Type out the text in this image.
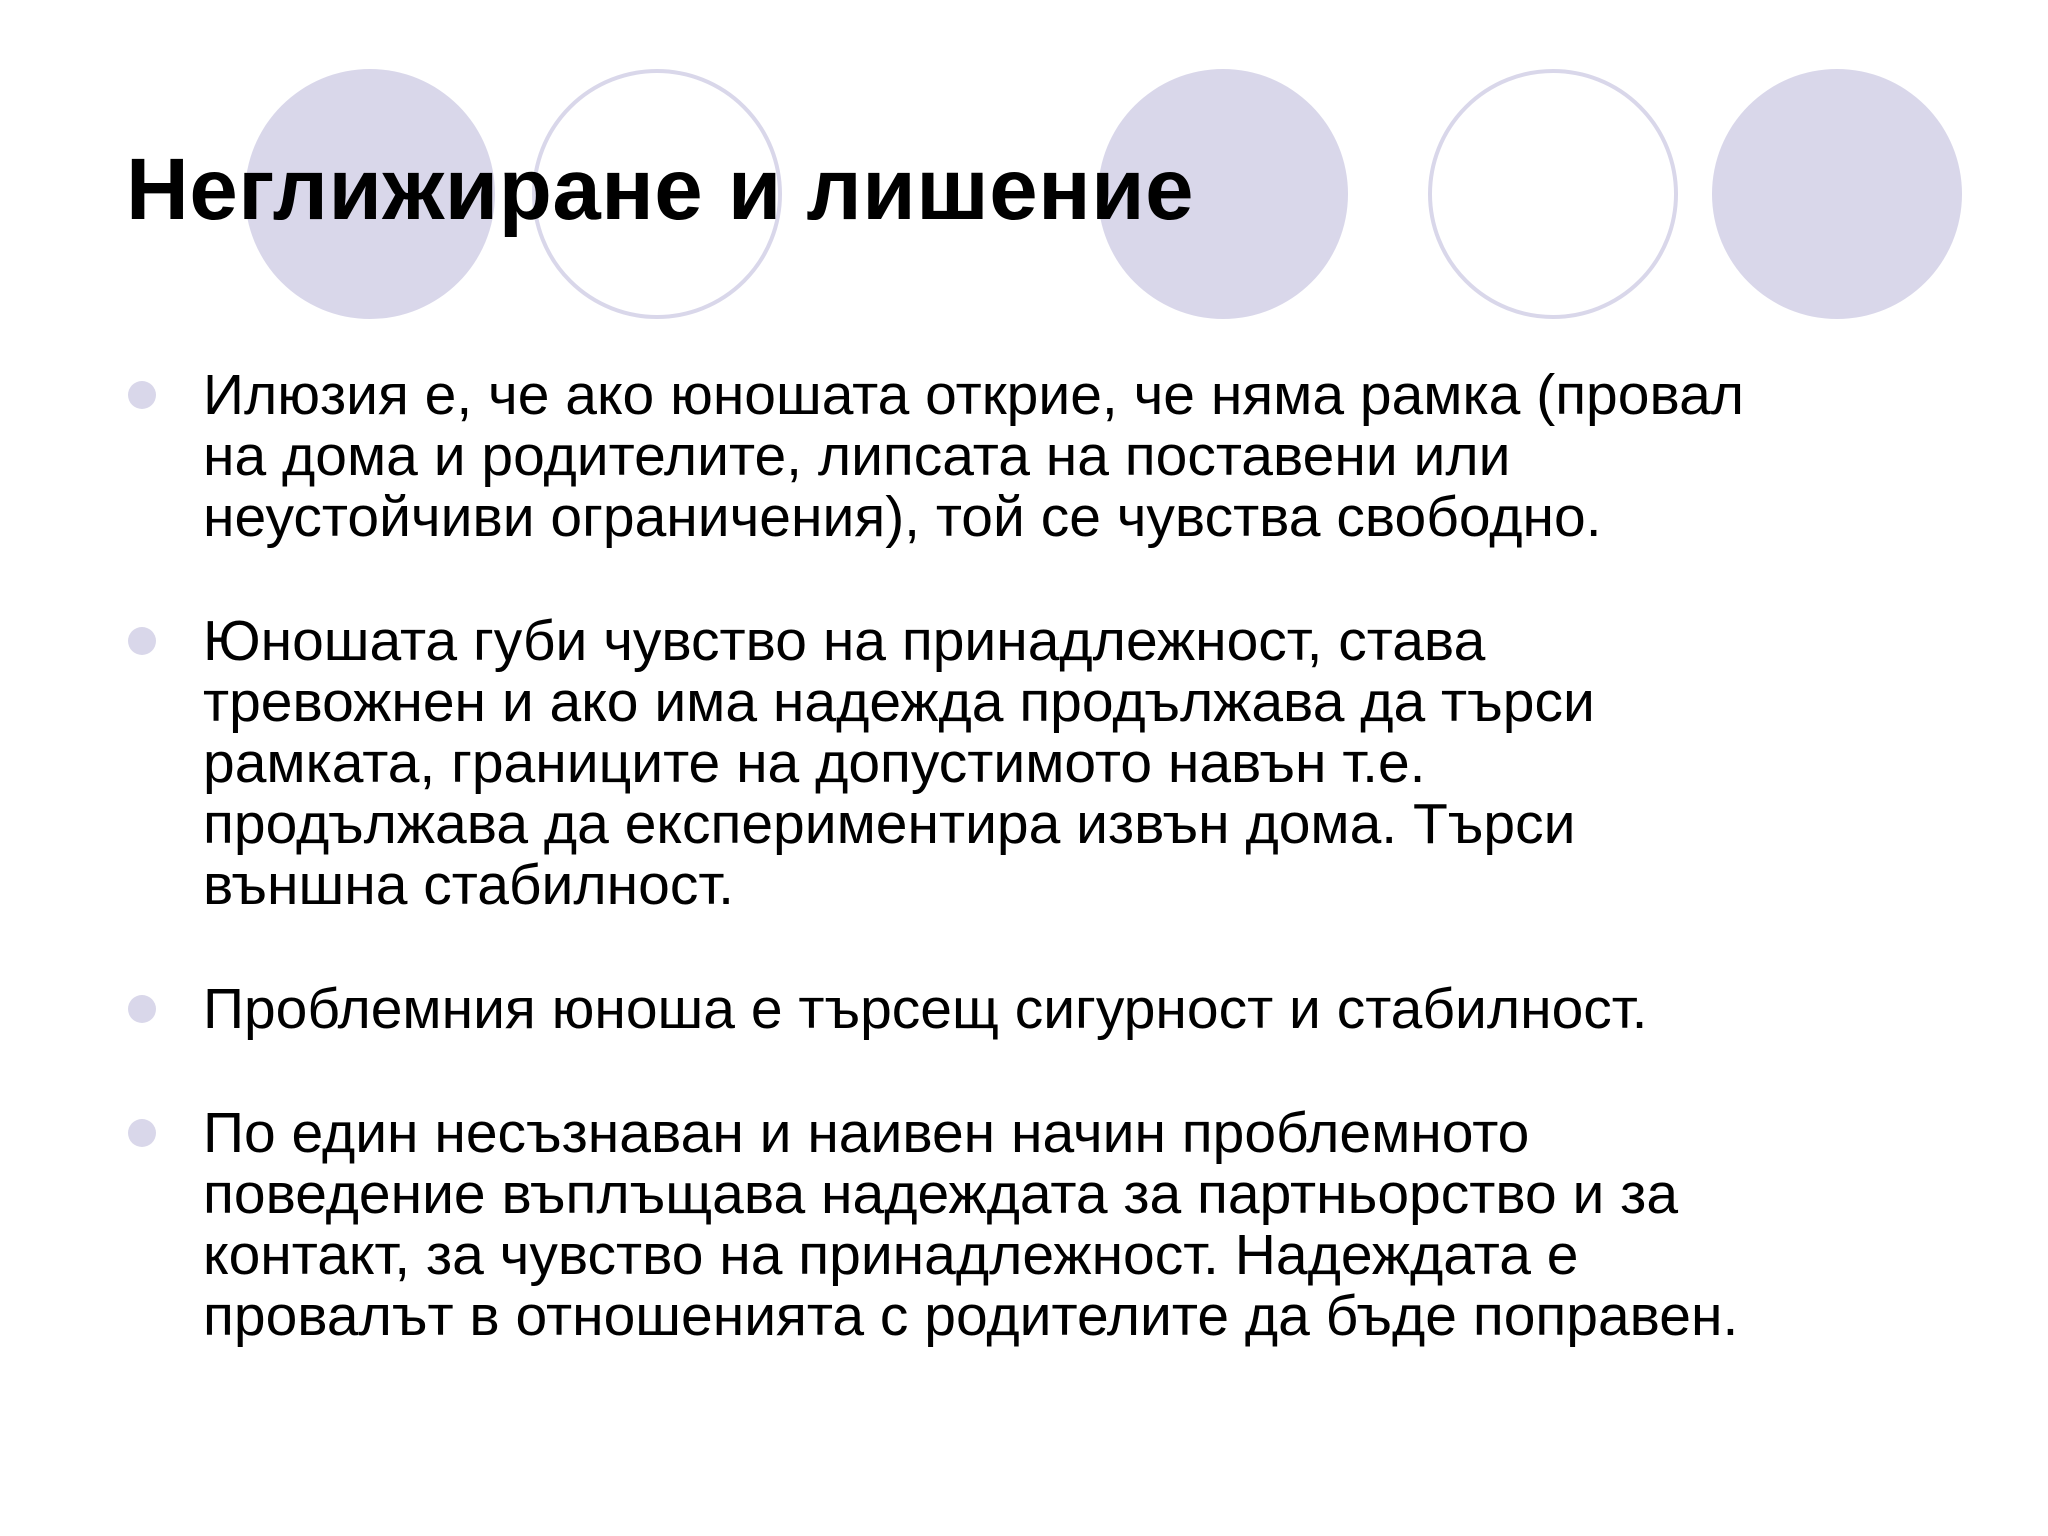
Неглижиране и лишение
Илюзия е, че ако юношата открие, че няма рамка (провал
на дома и родителите, липсата на поставени или
неустойчиви ограничения), той се чувства свободно.
Юношата губи чувство на принадлежност, става
тревожнен и ако има надежда продължава да търси
рамката, границите на допустимото навън т.е.
продължава да експериментира извън дома. Търси
външна стабилност.
Проблемния юноша е търсещ сигурност и стабилност.
По един несъзнаван и наивен начин проблемното
поведение въплъщава надеждата за партньорство и за
контакт, за чувство на принадлежност. Надеждата е
провалът в отношенията с родителите да бъде поправен.
